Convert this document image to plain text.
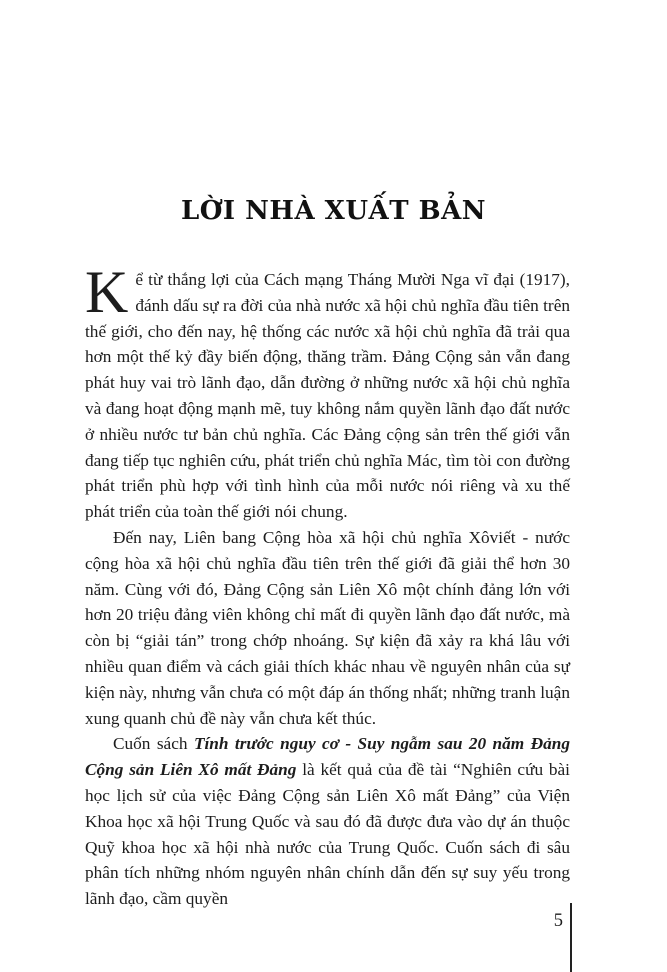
LỜI NHÀ XUẤT BẢN

Kể từ thắng lợi của Cách mạng Tháng Mười Nga vĩ đại (1917), đánh dấu sự ra đời của nhà nước xã hội chủ nghĩa đầu tiên trên thế giới, cho đến nay, hệ thống các nước xã hội chủ nghĩa đã trải qua hơn một thế kỷ đầy biến động, thăng trầm. Đảng Cộng sản vẫn đang phát huy vai trò lãnh đạo, dẫn đường ở những nước xã hội chủ nghĩa và đang hoạt động mạnh mẽ, tuy không nắm quyền lãnh đạo đất nước ở nhiều nước tư bản chủ nghĩa. Các Đảng cộng sản trên thế giới vẫn đang tiếp tục nghiên cứu, phát triển chủ nghĩa Mác, tìm tòi con đường phát triển phù hợp với tình hình của mỗi nước nói riêng và xu thế phát triển của toàn thế giới nói chung.

Đến nay, Liên bang Cộng hòa xã hội chủ nghĩa Xôviết - nước cộng hòa xã hội chủ nghĩa đầu tiên trên thế giới đã giải thể hơn 30 năm. Cùng với đó, Đảng Cộng sản Liên Xô một chính đảng lớn với hơn 20 triệu đảng viên không chỉ mất đi quyền lãnh đạo đất nước, mà còn bị “giải tán” trong chớp nhoáng. Sự kiện đã xảy ra khá lâu với nhiều quan điểm và cách giải thích khác nhau về nguyên nhân của sự kiện này, nhưng vẫn chưa có một đáp án thống nhất; những tranh luận xung quanh chủ đề này vẫn chưa kết thúc.

Cuốn sách Tính trước nguy cơ - Suy ngẫm sau 20 năm Đảng Cộng sản Liên Xô mất Đảng là kết quả của đề tài “Nghiên cứu bài học lịch sử của việc Đảng Cộng sản Liên Xô mất Đảng” của Viện Khoa học xã hội Trung Quốc và sau đó đã được đưa vào dự án thuộc Quỹ khoa học xã hội nhà nước của Trung Quốc. Cuốn sách đi sâu phân tích những nhóm nguyên nhân chính dẫn đến sự suy yếu trong lãnh đạo, cầm quyền

5
